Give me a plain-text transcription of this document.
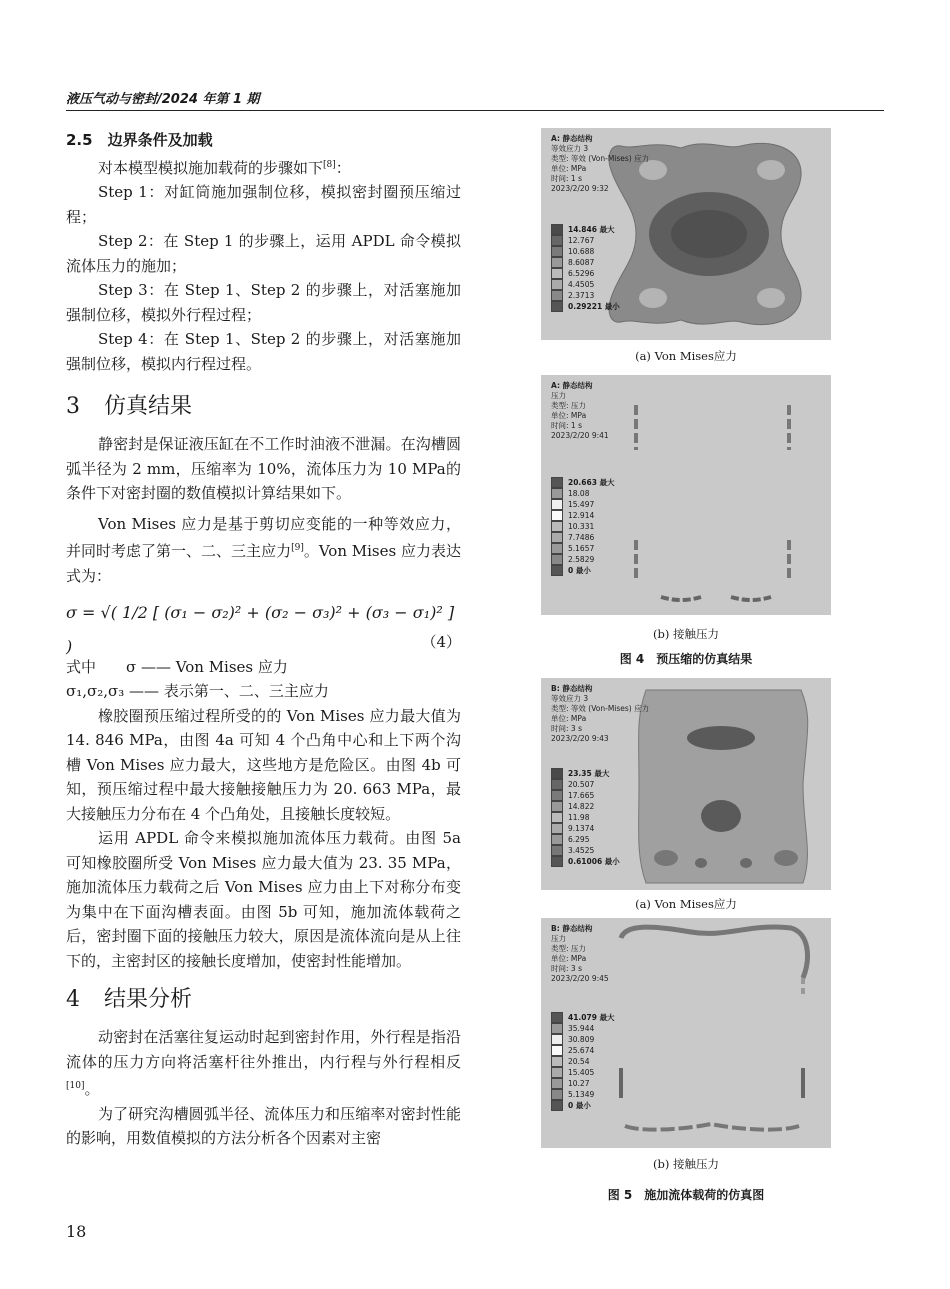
液压气动与密封/2024 年第 1 期
2.5　边界条件及加载

对本模型模拟施加载荷的步骤如下[8]：

Step 1：对缸筒施加强制位移，模拟密封圈预压缩过程；

Step 2：在 Step 1 的步骤上，运用 APDL 命令模拟流体压力的施加；

Step 3：在 Step 1、Step 2 的步骤上，对活塞施加强制位移，模拟外行程过程；

Step 4：在 Step 1、Step 2 的步骤上，对活塞施加强制位移，模拟内行程过程。

3 仿真结果

静密封是保证液压缸在不工作时油液不泄漏。在沟槽圆弧半径为 2 mm，压缩率为 10%，流体压力为 10 MPa的条件下对密封圈的数值模拟计算结果如下。

Von Mises 应力是基于剪切应变能的一种等效应力，并同时考虑了第一、二、三主应力[9]。Von Mises 应力表达式为：

σ = √( 1/2 [ (σ₁ − σ₂)² + (σ₂ − σ₃)² + (σ₃ − σ₁)² ] )	（4）

式中　　σ —— Von Mises 应力

σ₁,σ₂,σ₃ —— 表示第一、二、三主应力

橡胶圈预压缩过程所受的的 Von Mises 应力最大值为 14. 846 MPa，由图 4a 可知 4 个凸角中心和上下两个沟槽 Von Mises 应力最大，这些地方是危险区。由图 4b 可知，预压缩过程中最大接触接触压力为 20. 663 MPa，最大接触压力分布在 4 个凸角处，且接触长度较短。

运用 APDL 命令来模拟施加流体压力载荷。由图 5a 可知橡胶圈所受 Von Mises 应力最大值为 23. 35 MPa，施加流体压力载荷之后 Von Mises 应力由上下对称分布变为集中在下面沟槽表面。由图 5b 可知，施加流体载荷之后，密封圈下面的接触压力较大，原因是流体流向是从上往下的，主密封区的接触长度增加，使密封性能增加。

4 结果分析

动密封在活塞往复运动时起到密封作用，外行程是指沿流体的压力方向将活塞杆往外推出，内行程与外行程相反[10]。

为了研究沟槽圆弧半径、流体压力和压缩率对密封性能的影响，用数值模拟的方法分析各个因素对主密

18
A: 静态结构
等效应力 3
类型: 等效 (Von-Mises) 应力
单位: MPa
时间: 1 s
2023/2/20 9:32
14.846 最大
12.767
10.688
8.6087
6.5296
4.4505
2.3713
0.29221 最小
(a) Von Mises应力
A: 静态结构
压力
类型: 压力
单位: MPa
时间: 1 s
2023/2/20 9:41
20.663 最大
18.08
15.497
12.914
10.331
7.7486
5.1657
2.5829
0 最小
(b) 接触压力
图 4　预压缩的仿真结果
B: 静态结构
等效应力 3
类型: 等效 (Von-Mises) 应力
单位: MPa
时间: 3 s
2023/2/20 9:43
23.35 最大
20.507
17.665
14.822
11.98
9.1374
6.295
3.4525
0.61006 最小
(a) Von Mises应力
B: 静态结构
压力
类型: 压力
单位: MPa
时间: 3 s
2023/2/20 9:45
41.079 最大
35.944
30.809
25.674
20.54
15.405
10.27
5.1349
0 最小
(b) 接触压力
图 5　施加流体载荷的仿真图
